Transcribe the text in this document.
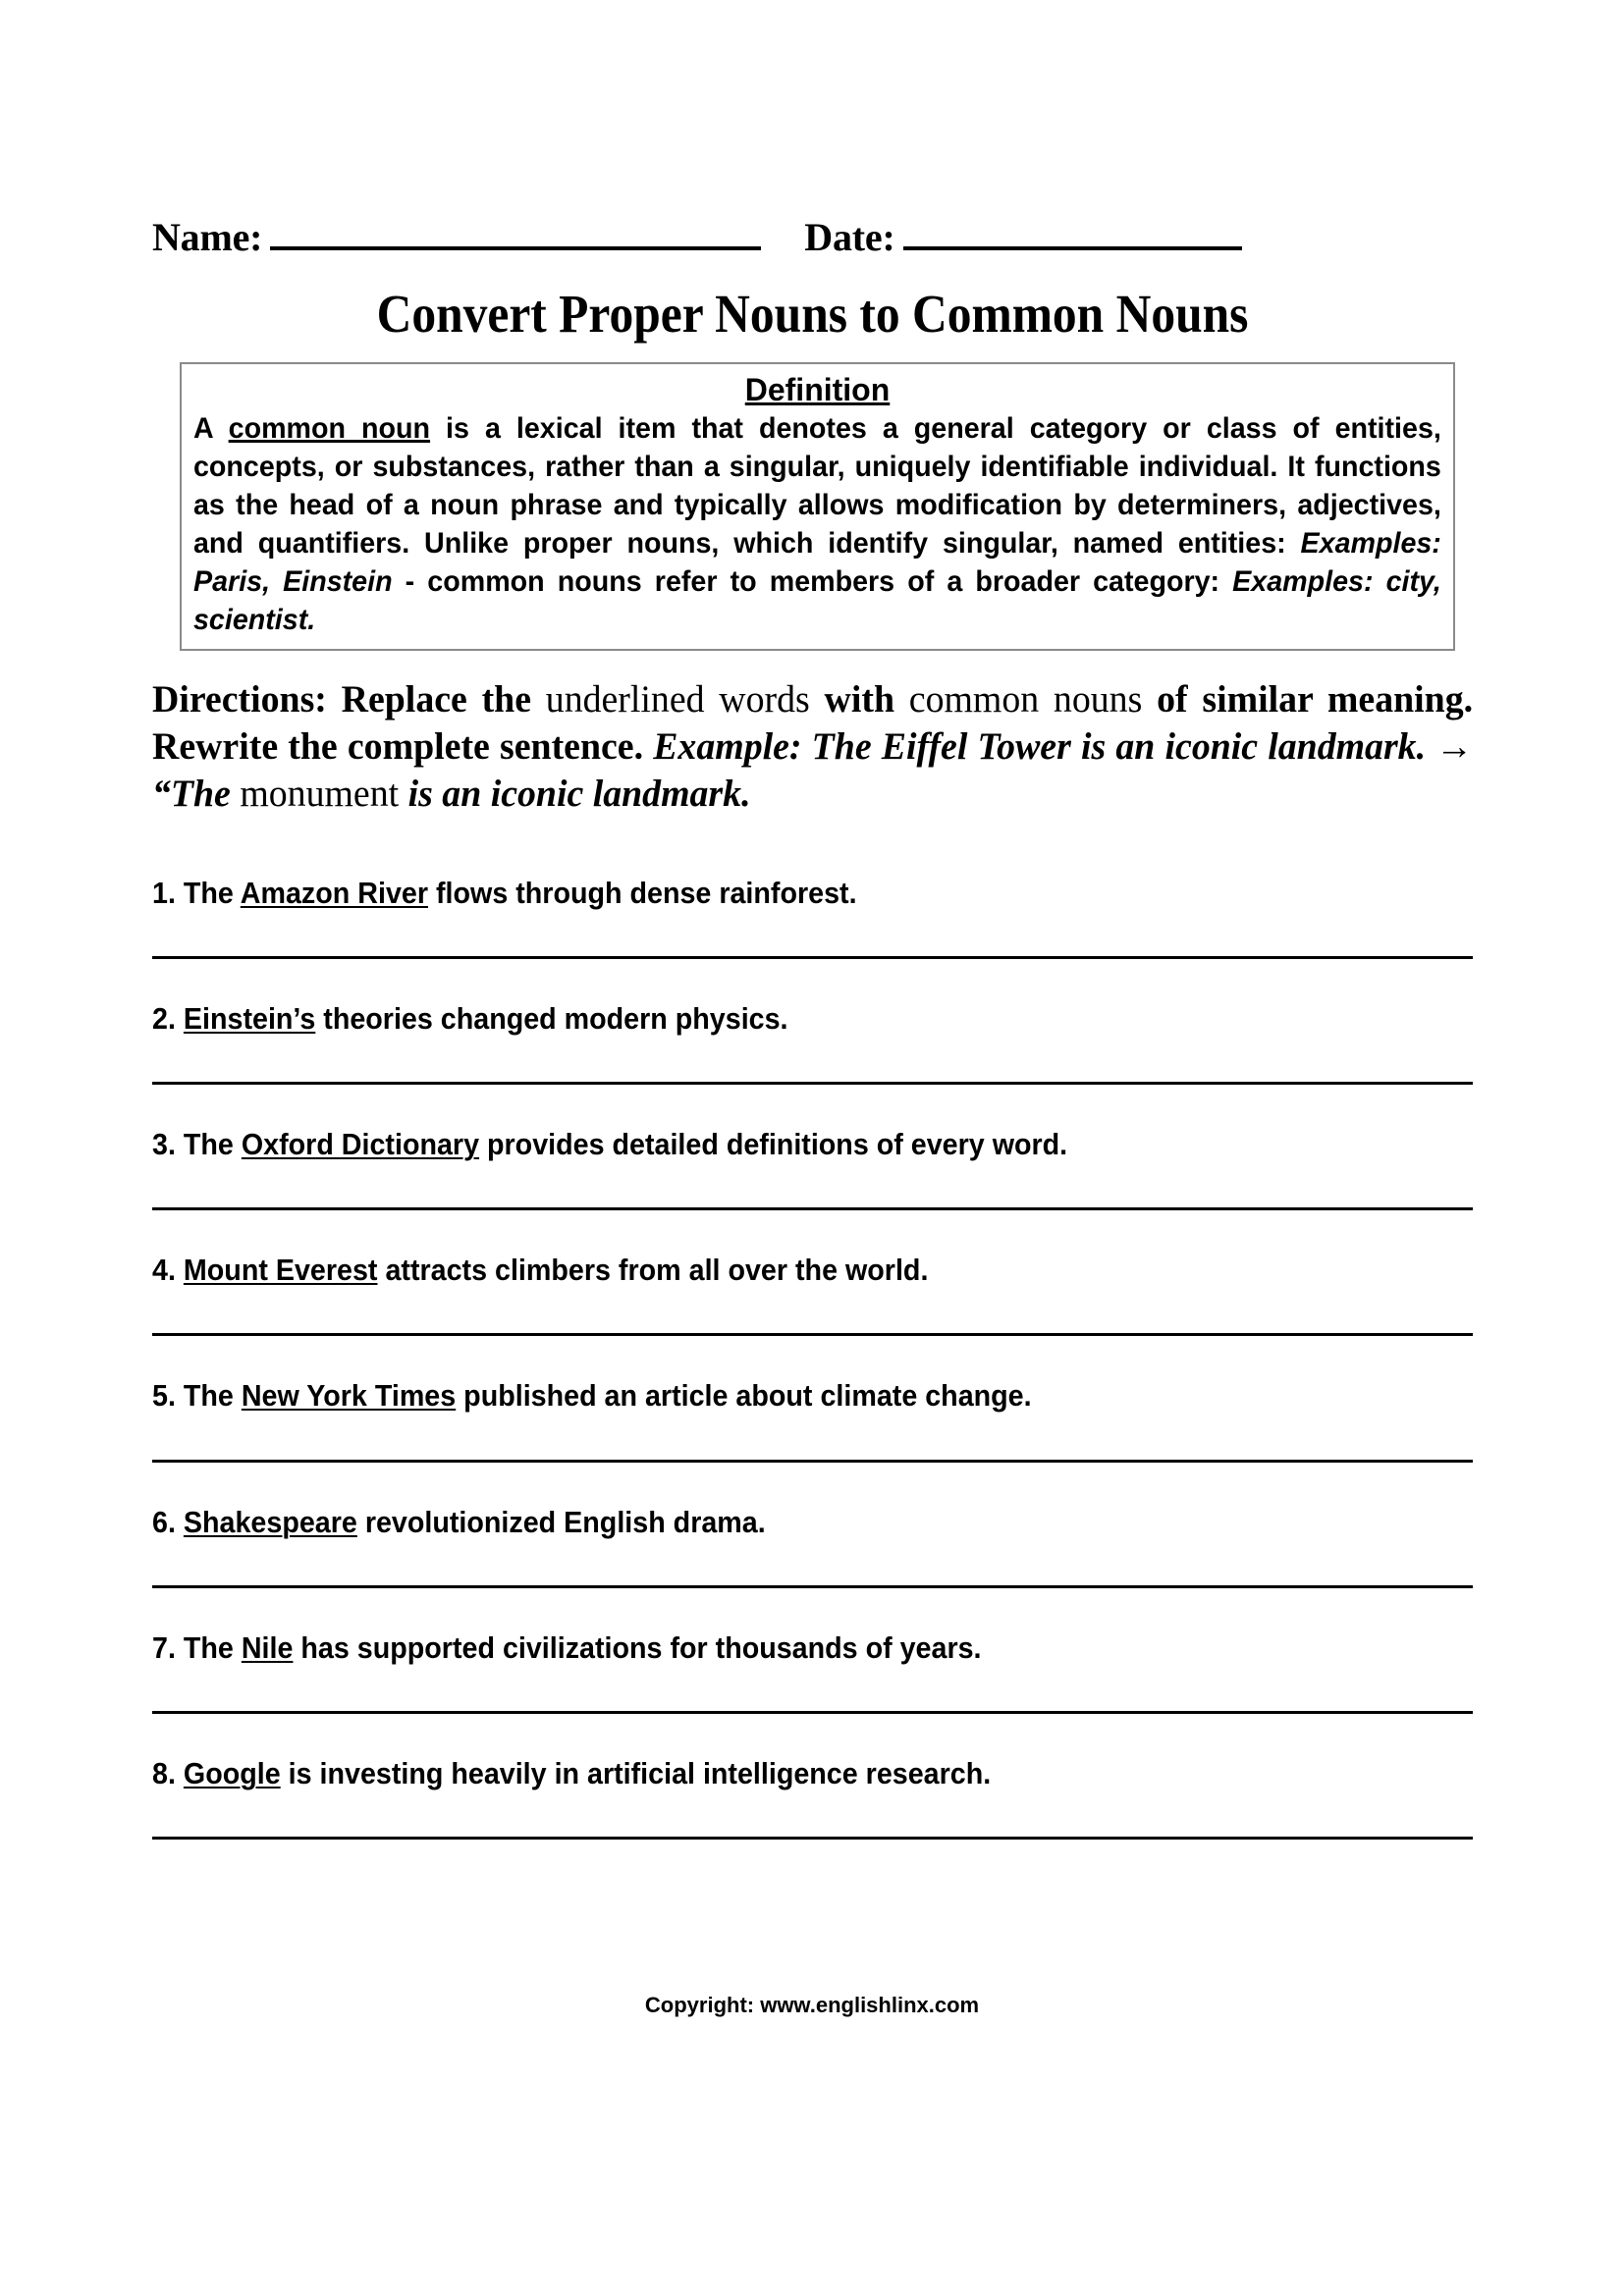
Name:	Date:
Convert Proper Nouns to Common Nouns
Definition
A common noun is a lexical item that denotes a general category or class of entities, concepts, or substances, rather than a singular, uniquely identifiable individual. It functions as the head of a noun phrase and typically allows modification by determiners, adjectives, and quantifiers. Unlike proper nouns, which identify singular, named entities: Examples: Paris, Einstein - common nouns refer to members of a broader category: Examples: city, scientist.
Directions: Replace the underlined words with common nouns of similar meaning. Rewrite the complete sentence. Example: The Eiffel Tower is an iconic landmark. → “The monument is an iconic landmark.
1. The Amazon River flows through dense rainforest.
2. Einstein’s theories changed modern physics.
3. The Oxford Dictionary provides detailed definitions of every word.
4. Mount Everest attracts climbers from all over the world.
5. The New York Times published an article about climate change.
6. Shakespeare revolutionized English drama.
7. The Nile has supported civilizations for thousands of years.
8. Google is investing heavily in artificial intelligence research.
Copyright: www.englishlinx.com
